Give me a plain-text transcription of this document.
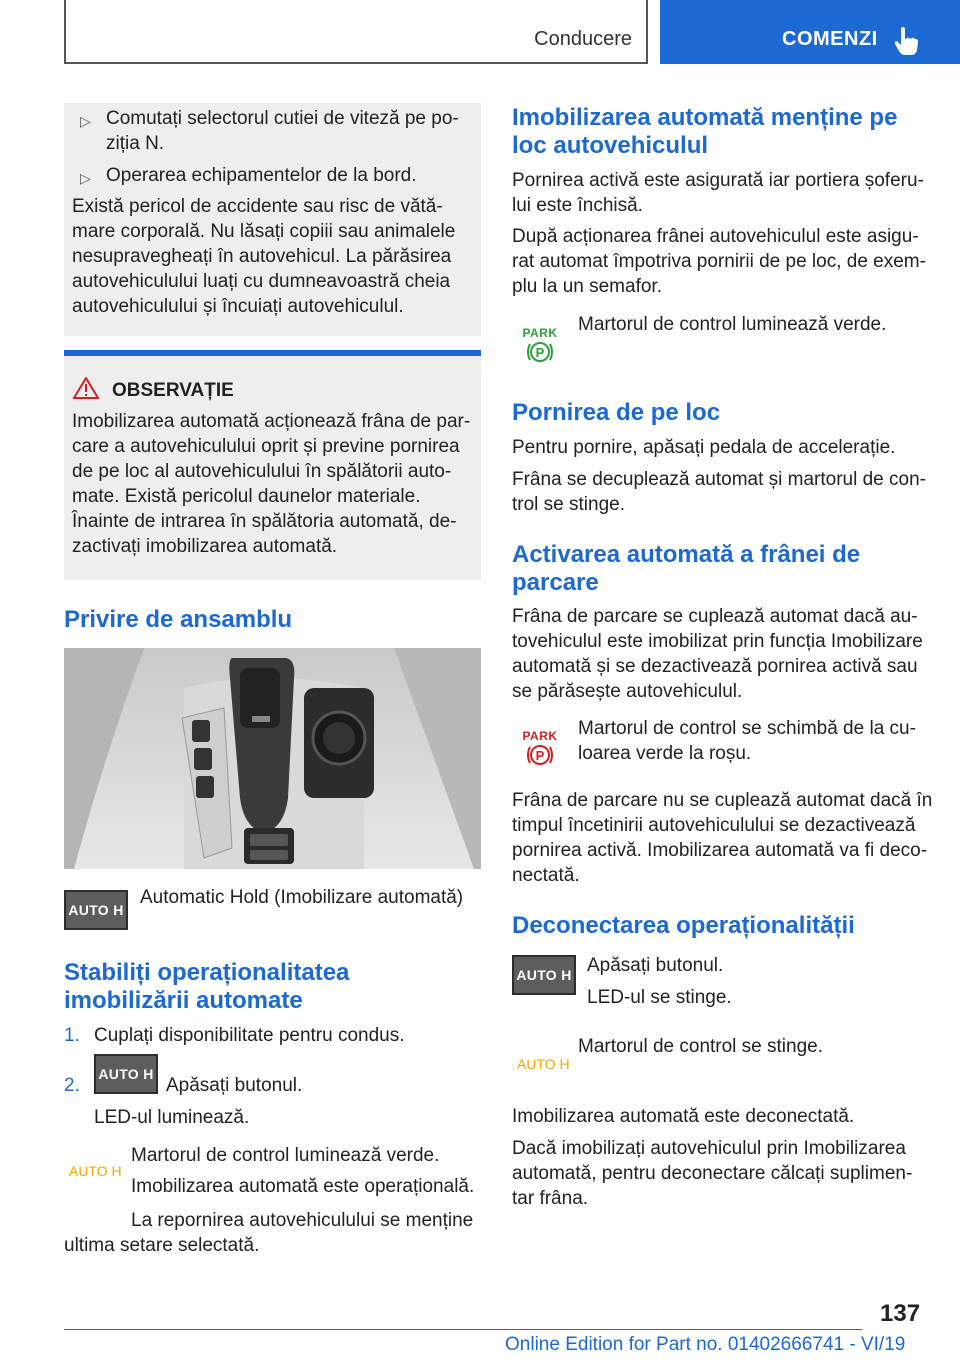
Conducere	COMENZI
▷ Comutați selectorul cutiei de viteză pe po-
ziția N.
▷ Operarea echipamentelor de la bord.
Există pericol de accidente sau risc de vătă-
mare corporală. Nu lăsați copiii sau animalele
nesupravegheați în autovehicul. La părăsirea
autovehiculului luați cu dumneavoastră cheia
autovehiculului și încuiați autovehiculul.
OBSERVAȚIE
Imobilizarea automată acționează frâna de par-
care a autovehiculului oprit și previne pornirea
de pe loc al autovehiculului în spălătorii auto-
mate. Există pericolul daunelor materiale.
Înainte de intrarea în spălătoria automată, de-
zactivați imobilizarea automată.
Privire de ansamblu
AUTO H
Automatic Hold (Imobilizare automată)
Stabiliți operaționalitatea
imobilizării automate
1. Cuplați disponibilitate pentru condus.
2.
AUTO H
Apăsați butonul.
LED-ul luminează.
AUTO H
Martorul de control luminează verde.
Imobilizarea automată este operațională.
La repornirea autovehiculului se menține
ultima setare selectată.
Imobilizarea automată menține pe
loc autovehiculul
Pornirea activă este asigurată iar portiera șoferu-
lui este închisă.
După acționarea frânei autovehiculul este asigu-
rat automat împotriva pornirii de pe loc, de exem-
plu la un semafor.
PARK
P
Martorul de control luminează verde.
Pornirea de pe loc
Pentru pornire, apăsați pedala de accelerație.
Frâna se decuplează automat și martorul de con-
trol se stinge.
Activarea automată a frânei de
parcare
Frâna de parcare se cuplează automat dacă au-
tovehiculul este imobilizat prin funcția Imobilizare
automată și se dezactivează pornirea activă sau
se părăsește autovehiculul.
PARK
P
Martorul de control se schimbă de la cu-
loarea verde la roșu.
Frâna de parcare nu se cuplează automat dacă în
timpul încetinirii autovehiculului se dezactivează
pornirea activă. Imobilizarea automată va fi deco-
nectată.
Deconectarea operaționalității
AUTO H Apăsați butonul.
LED-ul se stinge.
AUTO H
Martorul de control se stinge.
Imobilizarea automată este deconectată.
Dacă imobilizați autovehiculul prin Imobilizarea
automată, pentru deconectare călcați suplimen-
tar frâna.
137
Online Edition for Part no. 01402666741 - VI/19
